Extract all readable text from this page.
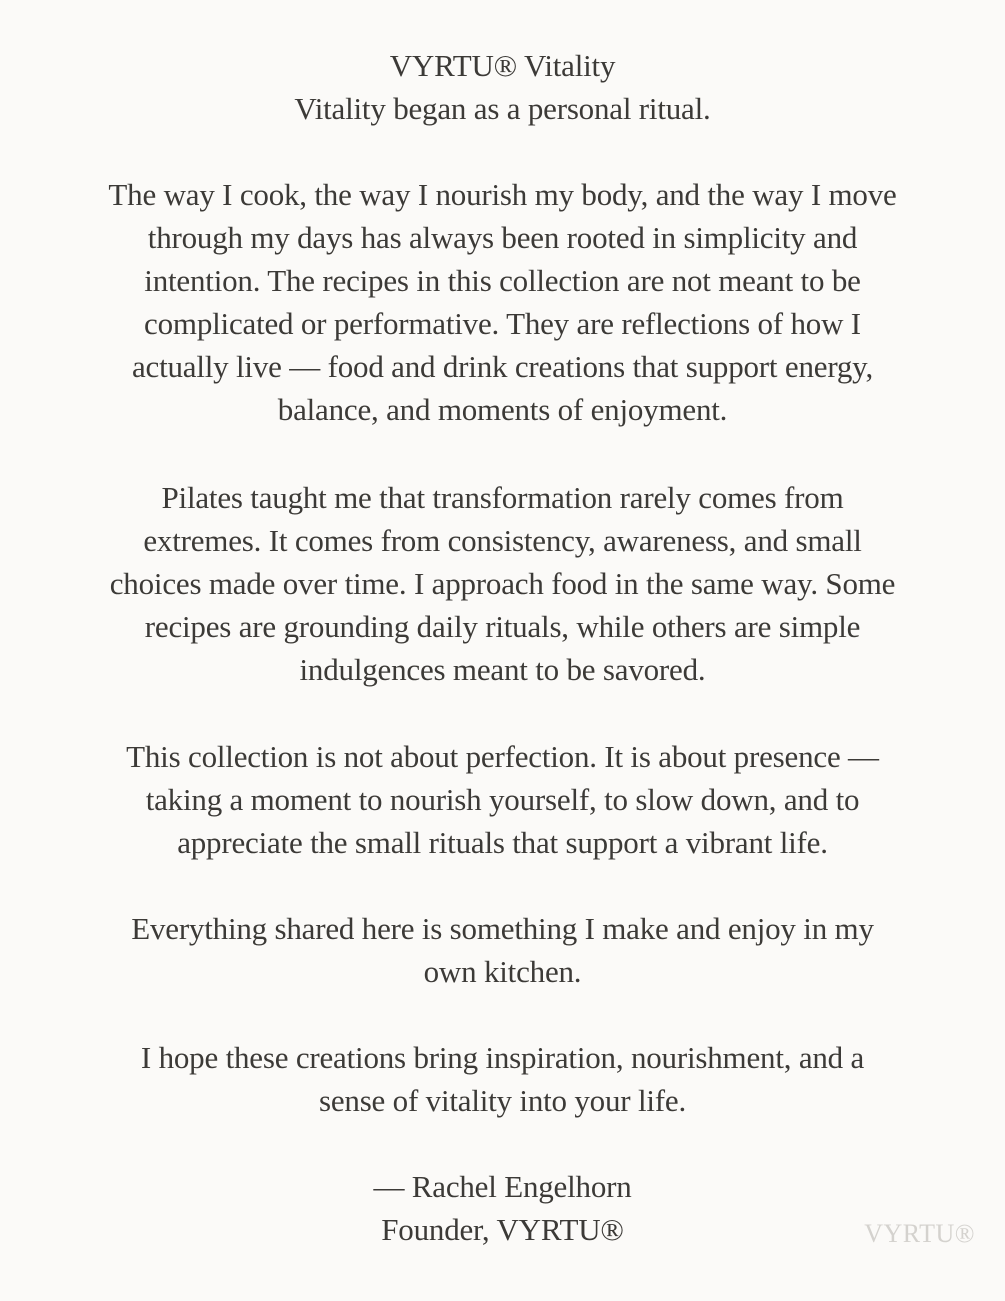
VYRTU® Vitality
Vitality began as a personal ritual.
The way I cook, the way I nourish my body, and the way I move
through my days has always been rooted in simplicity and
intention. The recipes in this collection are not meant to be
complicated or performative. They are reflections of how I
actually live — food and drink creations that support energy,
balance, and moments of enjoyment.
Pilates taught me that transformation rarely comes from
extremes. It comes from consistency, awareness, and small
choices made over time. I approach food in the same way. Some
recipes are grounding daily rituals, while others are simple
indulgences meant to be savored.
This collection is not about perfection. It is about presence —
taking a moment to nourish yourself, to slow down, and to
appreciate the small rituals that support a vibrant life.
Everything shared here is something I make and enjoy in my
own kitchen.
I hope these creations bring inspiration, nourishment, and a
sense of vitality into your life.
— Rachel Engelhorn
Founder, VYRTU®	VYRTU®
